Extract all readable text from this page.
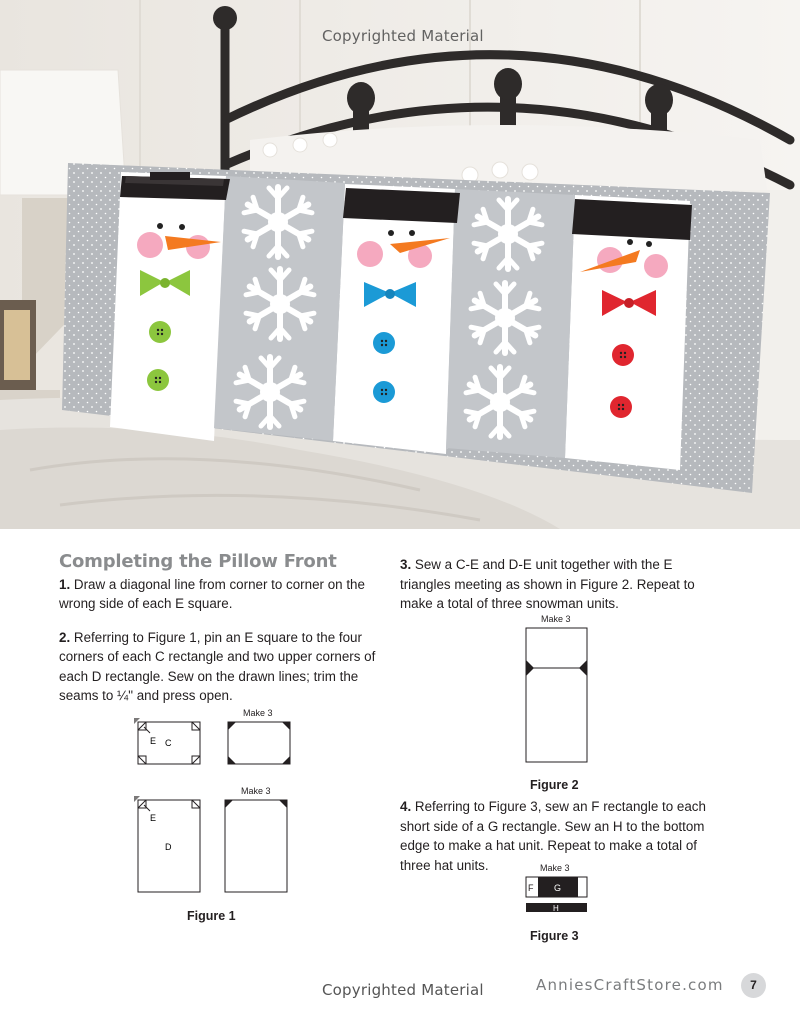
Copyrighted Material
Completing the Pillow Front

1. Draw a diagonal line from corner to corner on the wrong side of each E square.

2. Referring to Figure 1, pin an E square to the four corners of each C rectangle and two upper corners of each D rectangle. Sew on the drawn lines; trim the seams to ¼" and press open.

E C
E
D
Make 3
Make 3
Figure 1

3. Sew a C-E and D-E unit together with the E triangles meeting as shown in Figure 2. Repeat to make a total of three snowman units.

Make 3
Figure 2

4. Referring to Figure 3, sew an F rectangle to each short side of a G rectangle. Sew an H to the bottom edge to make a hat unit. Repeat to make a total of three hat units.	Make 3
F G
H
Figure 3
Copyrighted Material	AnniesCraftStore.com	7
